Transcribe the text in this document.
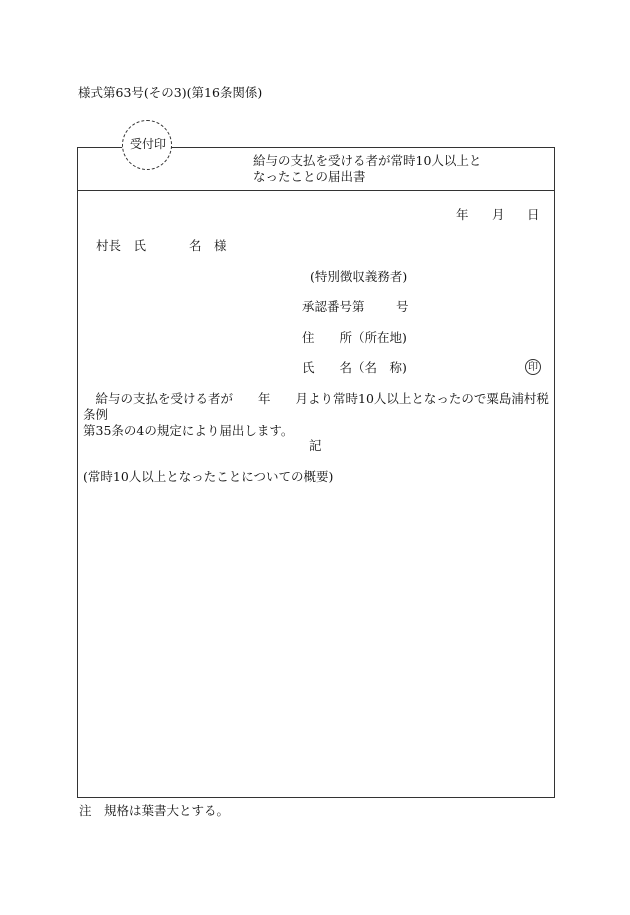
様式第63号(その3)(第16条関係)
受付印
給与の支払を受ける者が常時10人以上と
なったことの届出書
年 月 日
村長　氏	名　様
(特別徴収義務者)
承認番号第	号
住　　所（所在地)
氏　　名（名　称)	印

　給与の支払を受ける者が　　年　　月より常時10人以上となったので粟島浦村税条例

第35条の4の規定により届出します。

記
(常時10人以上となったことについての概要)
注　規格は葉書大とする。
